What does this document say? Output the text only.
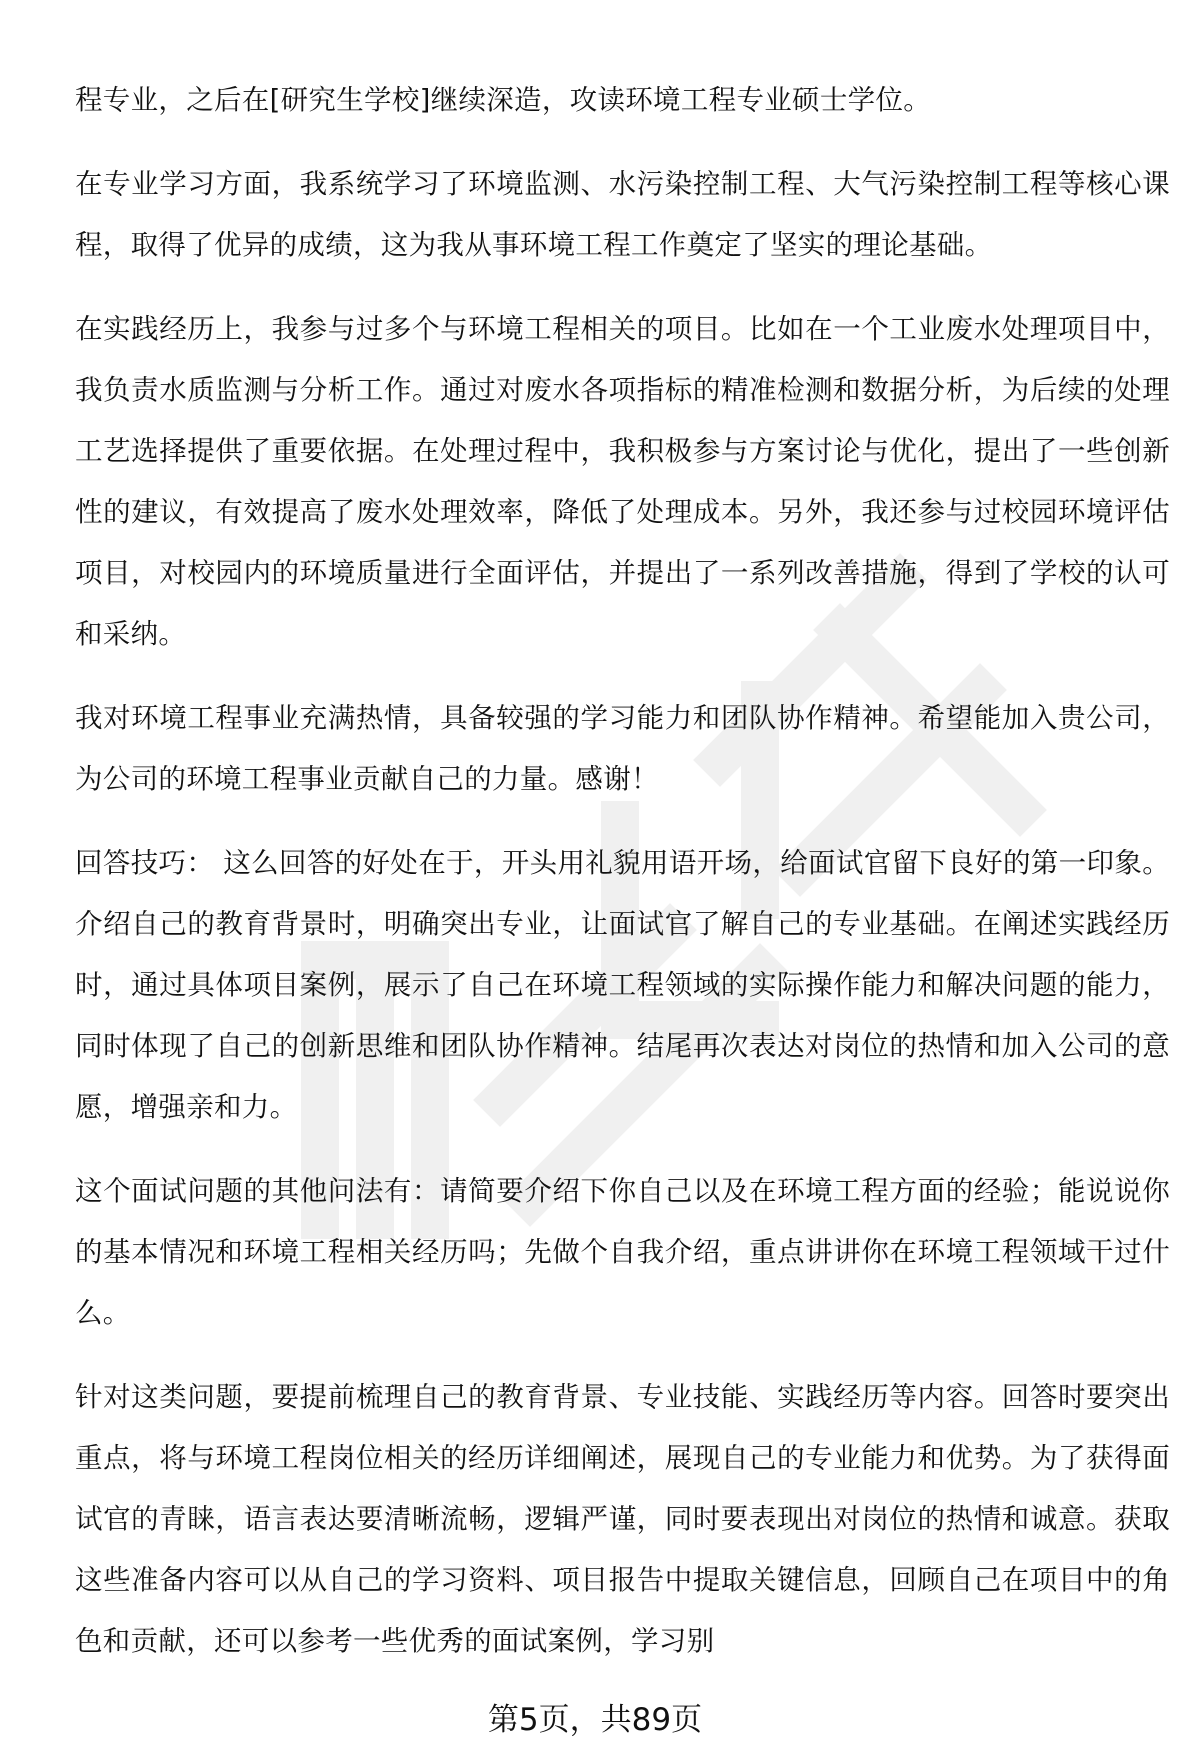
程专业，之后在[研究生学校]继续深造，攻读环境工程专业硕士学位。

在专业学习方面，我系统学习了环境监测、水污染控制工程、大气污染控制工程等核心课程，取得了优异的成绩，这为我从事环境工程工作奠定了坚实的理论基础。

在实践经历上，我参与过多个与环境工程相关的项目。比如在一个工业废水处理项目中，我负责水质监测与分析工作。通过对废水各项指标的精准检测和数据分析，为后续的处理工艺选择提供了重要依据。在处理过程中，我积极参与方案讨论与优化，提出了一些创新性的建议，有效提高了废水处理效率，降低了处理成本。另外，我还参与过校园环境评估项目，对校园内的环境质量进行全面评估，并提出了一系列改善措施，得到了学校的认可和采纳。

我对环境工程事业充满热情，具备较强的学习能力和团队协作精神。希望能加入贵公司，为公司的环境工程事业贡献自己的力量。感谢！

回答技巧： 这么回答的好处在于，开头用礼貌用语开场，给面试官留下良好的第一印象。介绍自己的教育背景时，明确突出专业，让面试官了解自己的专业基础。在阐述实践经历时，通过具体项目案例，展示了自己在环境工程领域的实际操作能力和解决问题的能力，同时体现了自己的创新思维和团队协作精神。结尾再次表达对岗位的热情和加入公司的意愿，增强亲和力。

这个面试问题的其他问法有：请简要介绍下你自己以及在环境工程方面的经验；能说说你的基本情况和环境工程相关经历吗；先做个自我介绍，重点讲讲你在环境工程领域干过什么。

针对这类问题，要提前梳理自己的教育背景、专业技能、实践经历等内容。回答时要突出重点，将与环境工程岗位相关的经历详细阐述，展现自己的专业能力和优势。为了获得面试官的青睐，语言表达要清晰流畅，逻辑严谨，同时要表现出对岗位的热情和诚意。获取这些准备内容可以从自己的学习资料、项目报告中提取关键信息，回顾自己在项目中的角色和贡献，还可以参考一些优秀的面试案例，学习别

第5页，共89页
